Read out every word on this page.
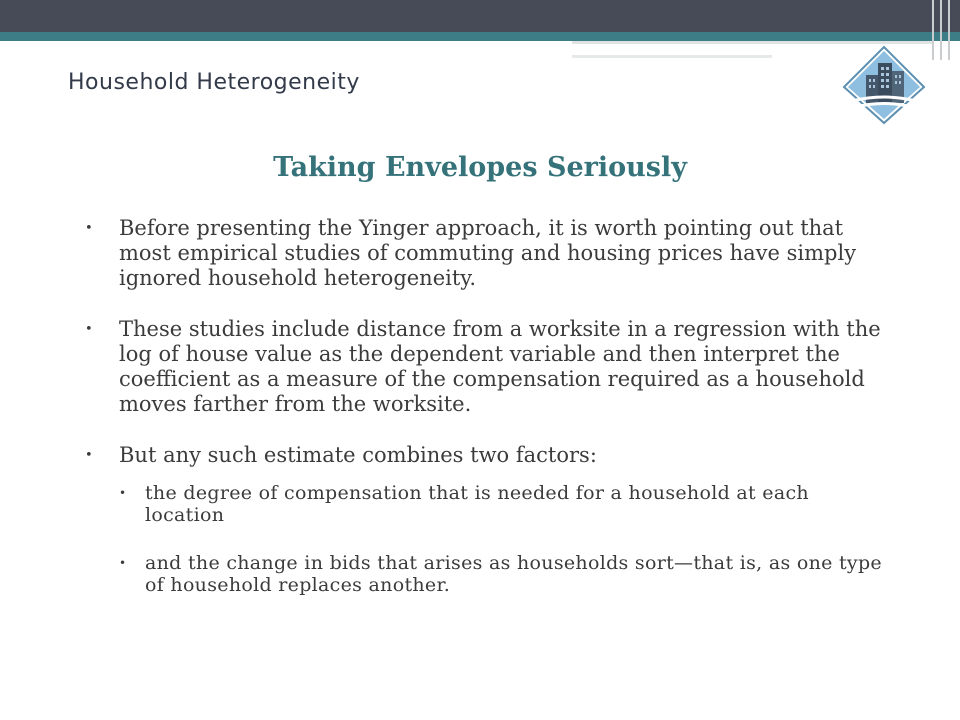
Household Heterogeneity
Taking Envelopes Seriously
• Before presenting the Yinger approach, it is worth pointing out that most empirical studies of commuting and housing prices have simply ignored household heterogeneity.
• These studies include distance from a worksite in a regression with the log of house value as the dependent variable and then interpret the coefficient as a measure of the compensation required as a household moves farther from the worksite.
• But any such estimate combines two factors:
• the degree of compensation that is needed for a household at each location
• and the change in bids that arises as households sort—that is, as one type of household replaces another.
